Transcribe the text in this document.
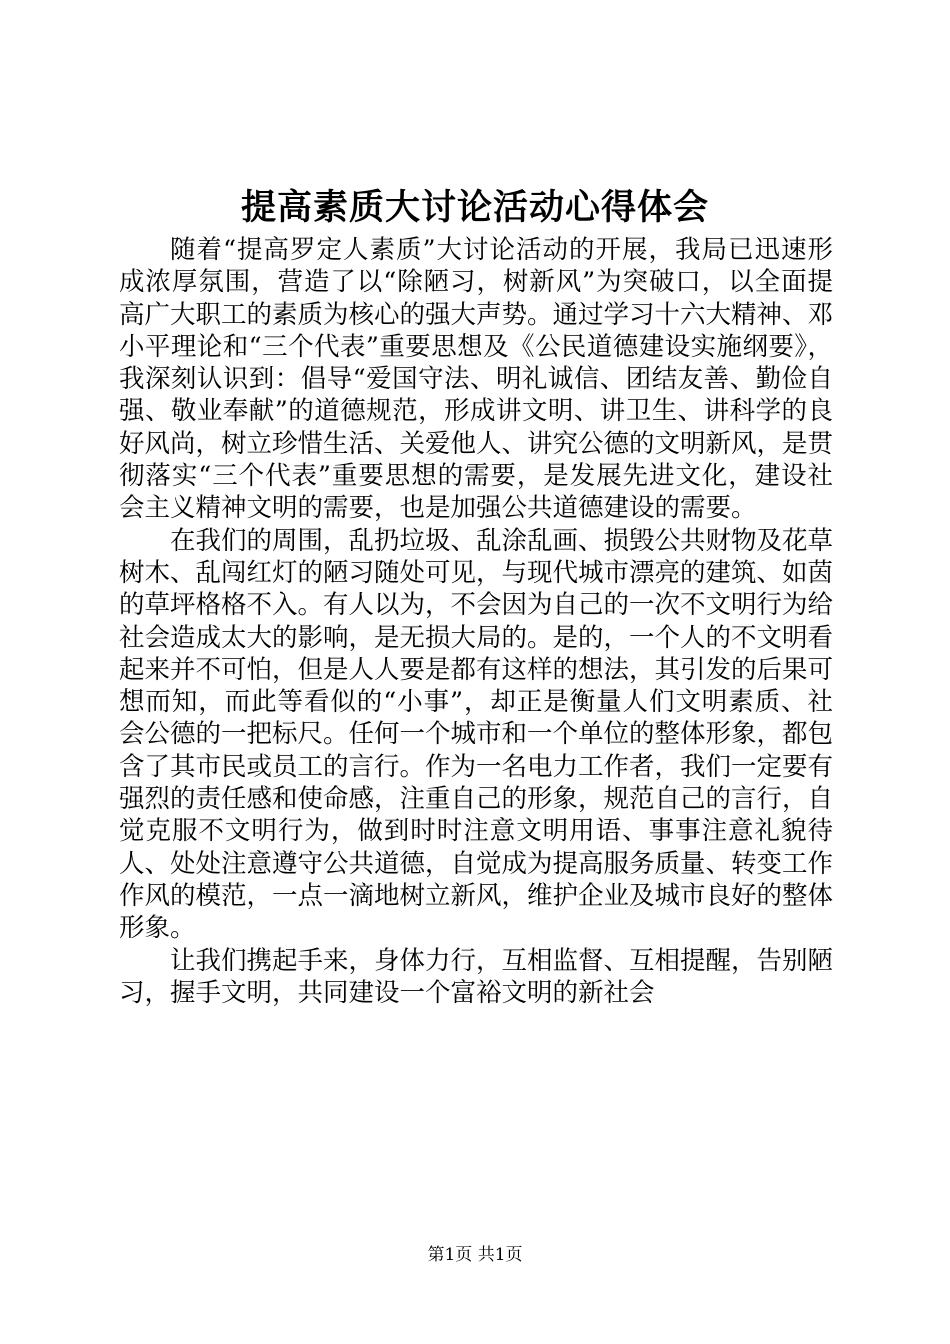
提高素质大讨论活动心得体会

随着“提高罗定人素质”大讨论活动的开展，我局已迅速形成浓厚氛围，营造了以“除陋习，树新风”为突破口，以全面提高广大职工的素质为核心的强大声势。通过学习十六大精神、邓小平理论和“三个代表”重要思想及《公民道德建设实施纲要》，我深刻认识到：倡导“爱国守法、明礼诚信、团结友善、勤俭自强、敬业奉献”的道德规范，形成讲文明、讲卫生、讲科学的良好风尚，树立珍惜生活、关爱他人、讲究公德的文明新风，是贯彻落实“三个代表”重要思想的需要，是发展先进文化，建设社会主义精神文明的需要，也是加强公共道德建设的需要。

在我们的周围，乱扔垃圾、乱涂乱画、损毁公共财物及花草树木、乱闯红灯的陋习随处可见，与现代城市漂亮的建筑、如茵的草坪格格不入。有人以为，不会因为自己的一次不文明行为给社会造成太大的影响，是无损大局的。是的，一个人的不文明看起来并不可怕，但是人人要是都有这样的想法，其引发的后果可想而知，而此等看似的“小事”，却正是衡量人们文明素质、社会公德的一把标尺。任何一个城市和一个单位的整体形象，都包含了其市民或员工的言行。作为一名电力工作者，我们一定要有强烈的责任感和使命感，注重自己的形象，规范自己的言行，自觉克服不文明行为，做到时时注意文明用语、事事注意礼貌待人、处处注意遵守公共道德，自觉成为提高服务质量、转变工作作风的模范，一点一滴地树立新风，维护企业及城市良好的整体形象。

让我们携起手来，身体力行，互相监督、互相提醒，告别陋习，握手文明，共同建设一个富裕文明的新社会

第1页 共1页
